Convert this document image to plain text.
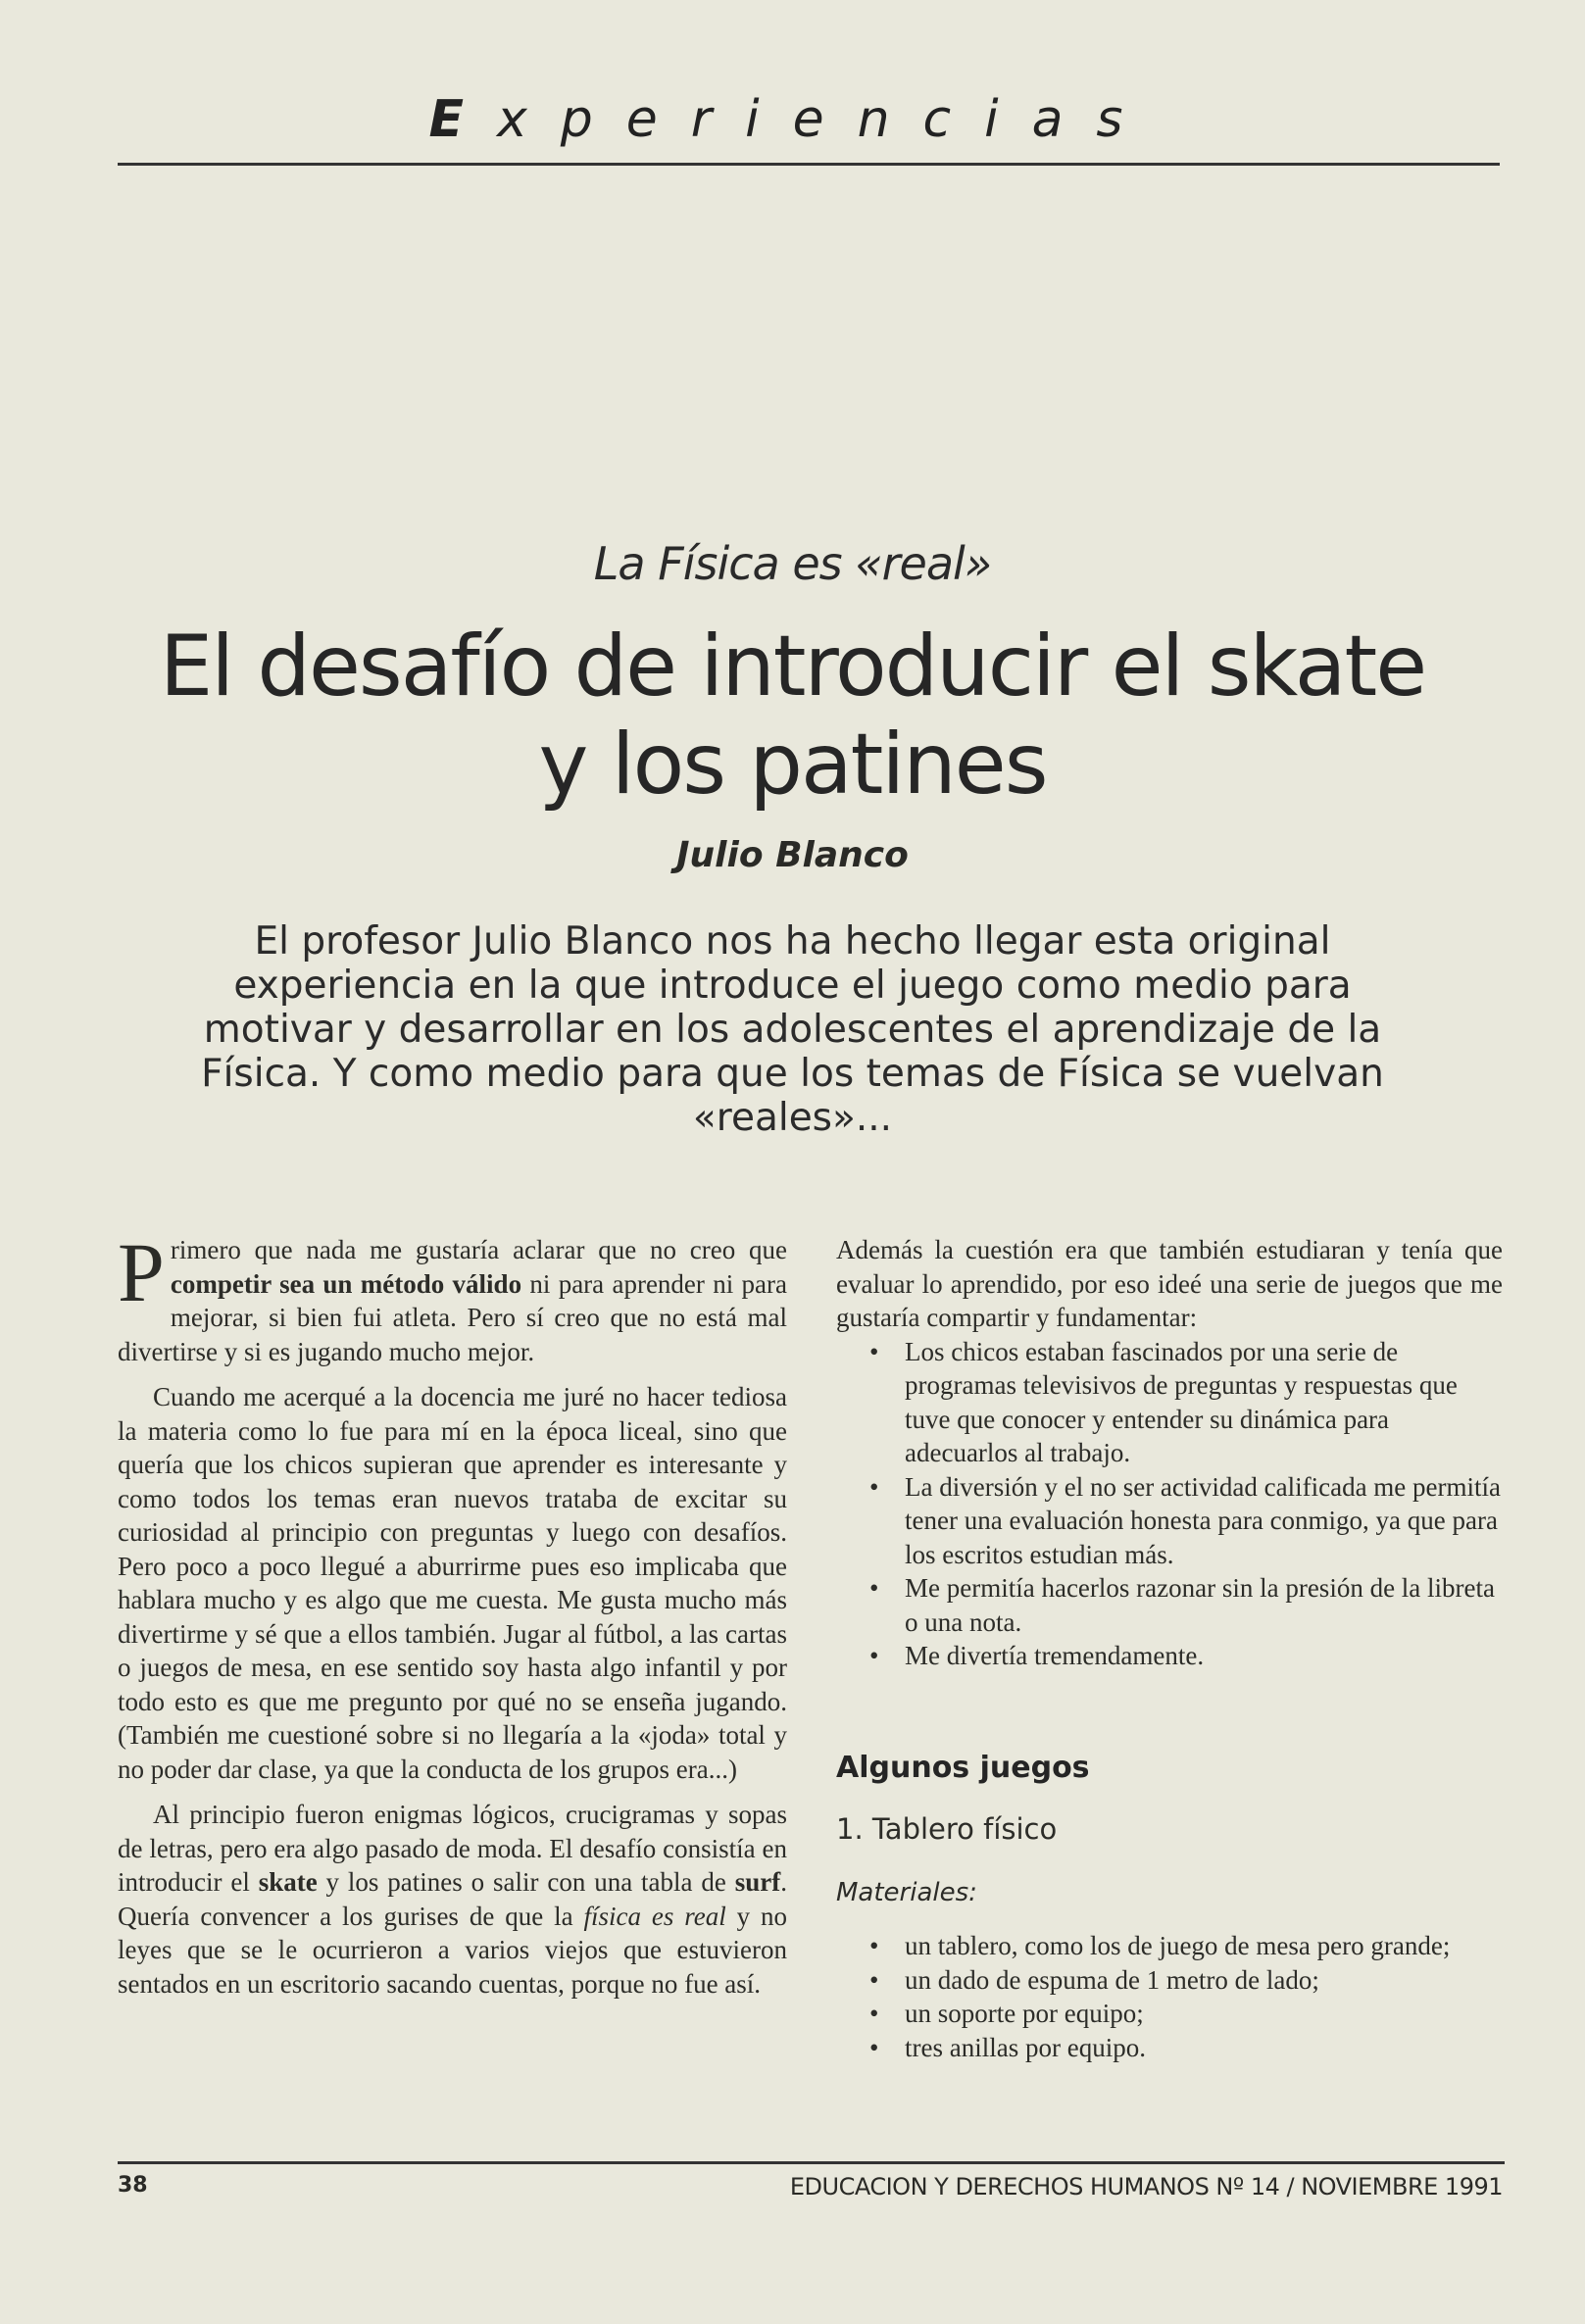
Experiencias
La Física es «real»
El desafío de introducir el skate y los patines
Julio Blanco
El profesor Julio Blanco nos ha hecho llegar esta original experiencia en la que introduce el juego como medio para motivar y desarrollar en los adolescentes el aprendizaje de la Física. Y como medio para que los temas de Física se vuelvan «reales»...

Primero que nada me gustaría aclarar que no creo que competir sea un método válido ni para aprender ni para mejorar, si bien fui atleta. Pero sí creo que no está mal divertirse y si es jugando mucho mejor.

Cuando me acerqué a la docencia me juré no hacer tediosa la materia como lo fue para mí en la época liceal, sino que quería que los chicos supieran que aprender es interesante y como todos los temas eran nuevos trataba de excitar su curiosidad al principio con preguntas y luego con desafíos. Pero poco a poco llegué a aburrirme pues eso implicaba que hablara mucho y es algo que me cuesta. Me gusta mucho más divertirme y sé que a ellos también. Jugar al fútbol, a las cartas o juegos de mesa, en ese sentido soy hasta algo infantil y por todo esto es que me pregunto por qué no se enseña jugando. (También me cuestioné sobre si no llegaría a la «joda» total y no poder dar clase, ya que la conducta de los grupos era...)

Al principio fueron enigmas lógicos, crucigramas y sopas de letras, pero era algo pasado de moda. El desafío consistía en introducir el skate y los patines o salir con una tabla de surf. Quería convencer a los gurises de que la física es real y no leyes que se le ocurrieron a varios viejos que estuvieron sentados en un escritorio sacando cuentas, porque no fue así.

Además la cuestión era que también estudiaran y tenía que evaluar lo aprendido, por eso ideé una serie de juegos que me gustaría compartir y fundamentar:

• Los chicos estaban fascinados por una serie de programas televisivos de preguntas y respuestas que tuve que conocer y entender su dinámica para adecuarlos al trabajo.
• La diversión y el no ser actividad calificada me permitía tener una evaluación honesta para conmigo, ya que para los escritos estudian más.
• Me permitía hacerlos razonar sin la presión de la libreta o una nota.
• Me divertía tremendamente.
Algunos juegos
1. Tablero físico
Materiales:
• un tablero, como los de juego de mesa pero grande;
• un dado de espuma de 1 metro de lado;
• un soporte por equipo;
• tres anillas por equipo.
38	EDUCACION Y DERECHOS HUMANOS Nº 14 / NOVIEMBRE 1991
